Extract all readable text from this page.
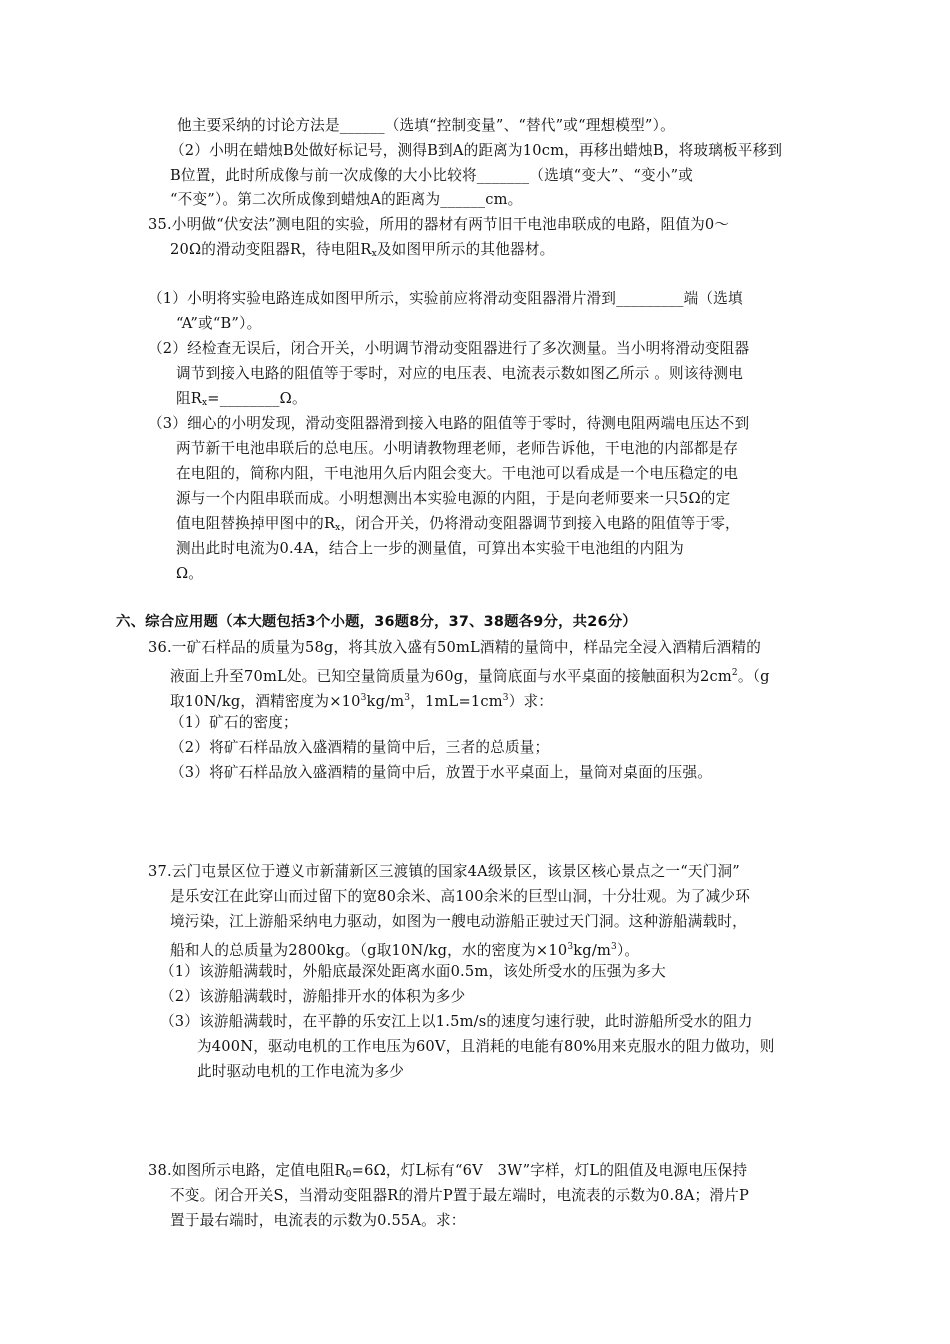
他主要采纳的讨论方法是______（选填“控制变量”、“替代”或“理想模型”）。
（2）小明在蜡烛B处做好标记号，测得B到A的距离为10cm，再移出蜡烛B，将玻璃板平移到
B位置，此时所成像与前一次成像的大小比较将_______（选填“变大”、“变小”或
“不变”）。第二次所成像到蜡烛A的距离为______cm。
35.小明做“伏安法”测电阻的实验，所用的器材有两节旧干电池串联成的电路，阻值为0～
20Ω的滑动变阻器R，待电阻$R_x$及如图甲所示的其他器材。
（1）小明将实验电路连成如图甲所示，实验前应将滑动变阻器滑片滑到_________端（选填
“A”或“B”）。
（2）经检查无误后，闭合开关，小明调节滑动变阻器进行了多次测量。当小明将滑动变阻器
调节到接入电路的阻值等于零时，对应的电压表、电流表示数如图乙所示 。则该待测电
阻$R_x=\_\_\_\_\_\_\_\_\Omega$。
（3）细心的小明发现，滑动变阻器滑到接入电路的阻值等于零时，待测电阻两端电压达不到
两节新干电池串联后的总电压。小明请教物理老师，老师告诉他，干电池的内部都是存
在电阻的，简称内阻，干电池用久后内阻会变大。干电池可以看成是一个电压稳定的电
源与一个内阻串联而成。小明想测出本实验电源的内阻，于是向老师要来一只5Ω的定
值电阻替换掉甲图中的$R_x$，闭合开关，仍将滑动变阻器调节到接入电路的阻值等于零，
测出此时电流为0.4A，结合上一步的测量值，可算出本实验干电池组的内阻为
Ω。
六、综合应用题（本大题包括3个小题，36题8分，37、38题各9分，共26分）
36.一矿石样品的质量为58g，将其放入盛有50mL酒精的量筒中，样品完全浸入酒精后酒精的
液面上升至70mL处。已知空量筒质量为60g，量筒底面与水平桌面的接触面积为$2cm^2$。（g
取10N/kg，酒精密度为$\times 10^3kg/m^3$，$1mL=1cm^3$）求：
（1）矿石的密度；
（2）将矿石样品放入盛酒精的量筒中后，三者的总质量；
（3）将矿石样品放入盛酒精的量筒中后，放置于水平桌面上，量筒对桌面的压强。
37.云门屯景区位于遵义市新蒲新区三渡镇的国家4A级景区，该景区核心景点之一“天门洞”
是乐安江在此穿山而过留下的宽80余米、高100余米的巨型山洞，十分壮观。为了减少环
境污染，江上游船采纳电力驱动，如图为一艘电动游船正驶过天门洞。这种游船满载时，
船和人的总质量为2800kg。（g取10N/kg，水的密度为$\times 10^3kg/m^3$）。
（1）该游船满载时，外船底最深处距离水面0.5m，该处所受水的压强为多大
（2）该游船满载时，游船排开水的体积为多少
（3）该游船满载时，在平静的乐安江上以1.5m/s的速度匀速行驶，此时游船所受水的阻力
为400N，驱动电机的工作电压为60V，且消耗的电能有80%用来克服水的阻力做功，则
此时驱动电机的工作电流为多少
38.如图所示电路，定值电阻$R_0=6\Omega$，灯L标有“6V　3W”字样，灯L的阻值及电源电压保持
不变。闭合开关S，当滑动变阻器R的滑片P置于最左端时，电流表的示数为0.8A；滑片P
置于最右端时，电流表的示数为0.55A。求：
